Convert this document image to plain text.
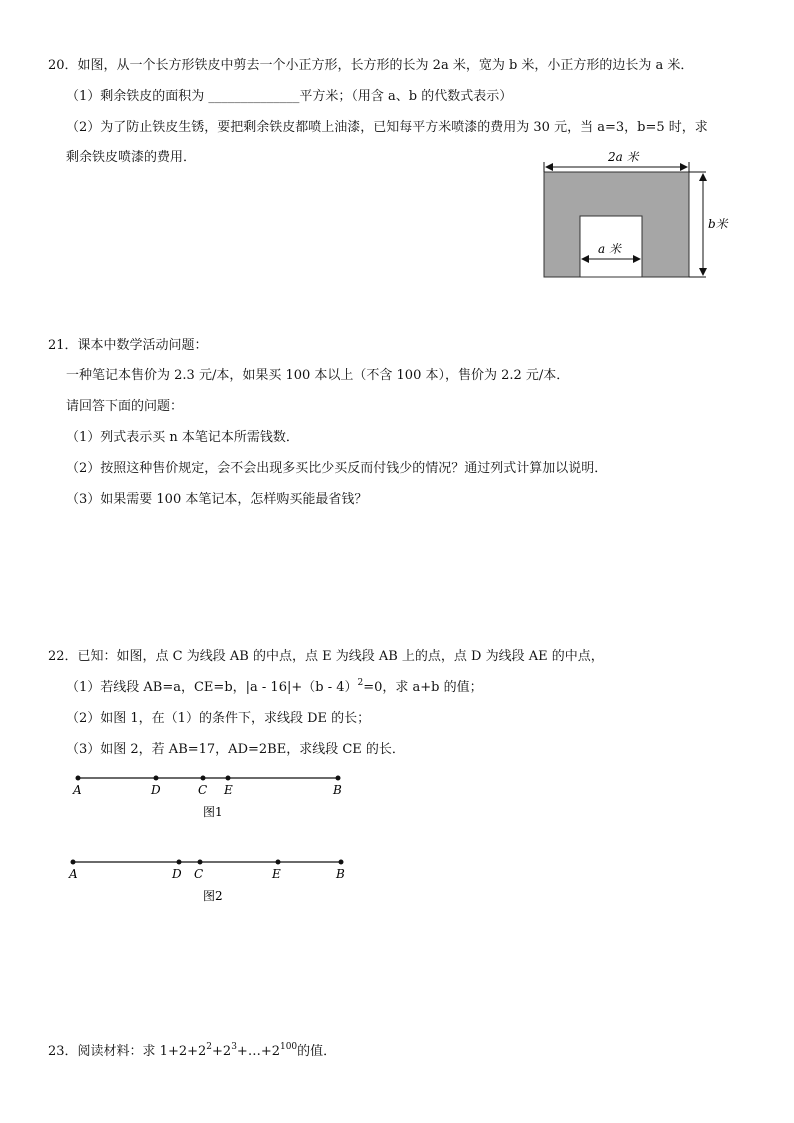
20．如图，从一个长方形铁皮中剪去一个小正方形，长方形的长为 2a 米，宽为 b 米，小正方形的边长为 a 米．
（1）剩余铁皮的面积为 ______________平方米；（用含 a、b 的代数式表示）
（2）为了防止铁皮生锈，要把剩余铁皮都喷上油漆，已知每平方米喷漆的费用为 30 元，当 a=3，b=5 时，求
剩余铁皮喷漆的费用．	2a 米
b米
a 米
21．课本中数学活动问题：
一种笔记本售价为 2.3 元/本，如果买 100 本以上（不含 100 本），售价为 2.2 元/本．
请回答下面的问题：
（1）列式表示买 n 本笔记本所需钱数．
（2）按照这种售价规定，会不会出现多买比少买反而付钱少的情况？通过列式计算加以说明．
（3）如果需要 100 本笔记本，怎样购买能最省钱？
22．已知：如图，点 C 为线段 AB 的中点，点 E 为线段 AB 上的点，点 D 为线段 AE 的中点，
（1）若线段 AB=a，CE=b，|a - 16|+（b - 4）$^2$=0，求 a+b 的值；
（2）如图 1，在（1）的条件下，求线段 DE 的长；
（3）如图 2，若 AB=17，AD=2BE，求线段 CE 的长．
A	D	C E	B
图1
A	D C	E	B
图2
23．阅读材料：求 $1+2+2^2+2^3+\dots+2^{100}$的值．
